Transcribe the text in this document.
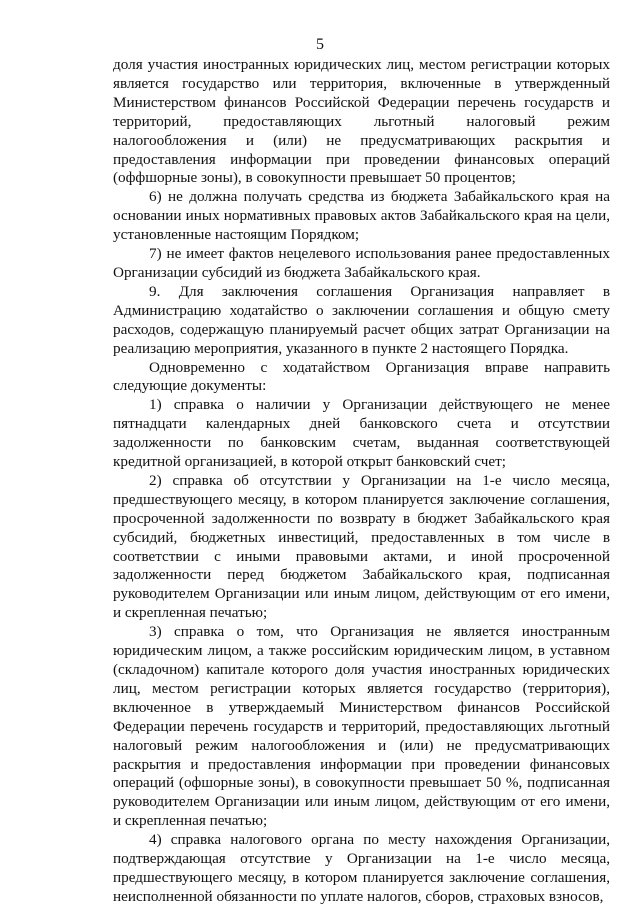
5

доля участия иностранных юридических лиц, местом регистрации которых является государство или территория, включенные в утвержденный Министерством финансов Российской Федерации перечень государств и территорий, предоставляющих льготный налоговый режим налогообложения и (или) не предусматривающих раскрытия и предоставления информации при проведении финансовых операций (оффшорные зоны), в совокупности превышает 50 процентов;

6) не должна получать средства из бюджета Забайкальского края на основании иных нормативных правовых актов Забайкальского края на цели, установленные настоящим Порядком;

7) не имеет фактов нецелевого использования ранее предоставленных Организации субсидий из бюджета Забайкальского края.

9. Для заключения соглашения Организация направляет в Администрацию ходатайство о заключении соглашения и общую смету расходов, содержащую планируемый расчет общих затрат Организации на реализацию мероприятия, указанного в пункте 2 настоящего Порядка.

Одновременно с ходатайством Организация вправе направить следующие документы:

1) справка о наличии у Организации действующего не менее пятнадцати календарных дней банковского счета и отсутствии задолженности по банковским счетам, выданная соответствующей кредитной организацией, в которой открыт банковский счет;

2) справка об отсутствии у Организации на 1-е число месяца, предшествующего месяцу, в котором планируется заключение соглашения, просроченной задолженности по возврату в бюджет Забайкальского края субсидий, бюджетных инвестиций, предоставленных в том числе в соответствии с иными правовыми актами, и иной просроченной задолженности перед бюджетом Забайкальского края, подписанная руководителем Организации или иным лицом, действующим от его имени, и скрепленная печатью;

3) справка о том, что Организация не является иностранным юридическим лицом, а также российским юридическим лицом, в уставном (складочном) капитале которого доля участия иностранных юридических лиц, местом регистрации которых является государство (территория), включенное в утверждаемый Министерством финансов Российской Федерации перечень государств и территорий, предоставляющих льготный налоговый режим налогообложения и (или) не предусматривающих раскрытия и предоставления информации при проведении финансовых операций (офшорные зоны), в совокупности превышает 50 %, подписанная руководителем Организации или иным лицом, действующим от его имени, и скрепленная печатью;

4) справка налогового органа по месту нахождения Организации, подтверждающая отсутствие у Организации на 1-е число месяца, предшествующего месяцу, в котором планируется заключение соглашения, неисполненной обязанности по уплате налогов, сборов, страховых взносов,
